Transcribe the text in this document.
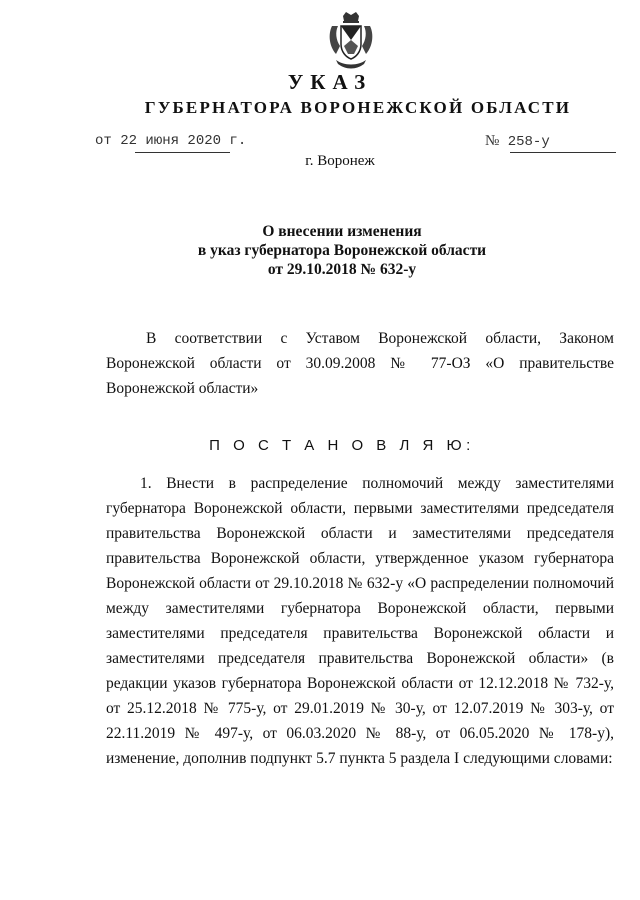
УКАЗ
ГУБЕРНАТОРА ВОРОНЕЖСКОЙ ОБЛАСТИ
от 22 июня 2020 г.	№ 258-у
г. Воронеж
О внесении изменения
в указ губернатора Воронежской области
от 29.10.2018 № 632-у
В соответствии с Уставом Воронежской области, Законом Воронежской области от 30.09.2008 № 77-ОЗ «О правительстве Воронежской области»
П О С Т А Н О В Л Я Ю:
1. Внести в распределение полномочий между заместителями губернатора Воронежской области, первыми заместителями председателя правительства Воронежской области и заместителями председателя правительства Воронежской области, утвержденное указом губернатора Воронежской области от 29.10.2018 № 632-у «О распределении полномочий между заместителями губернатора Воронежской области, первыми заместителями председателя правительства Воронежской области и заместителями председателя правительства Воронежской области» (в редакции указов губернатора Воронежской области от 12.12.2018 № 732-у, от 25.12.2018 № 775-у, от 29.01.2019 № 30-у, от 12.07.2019 № 303-у, от 22.11.2019 № 497-у, от 06.03.2020 № 88-у, от 06.05.2020 № 178-у), изменение, дополнив подпункт 5.7 пункта 5 раздела I следующими словами:
